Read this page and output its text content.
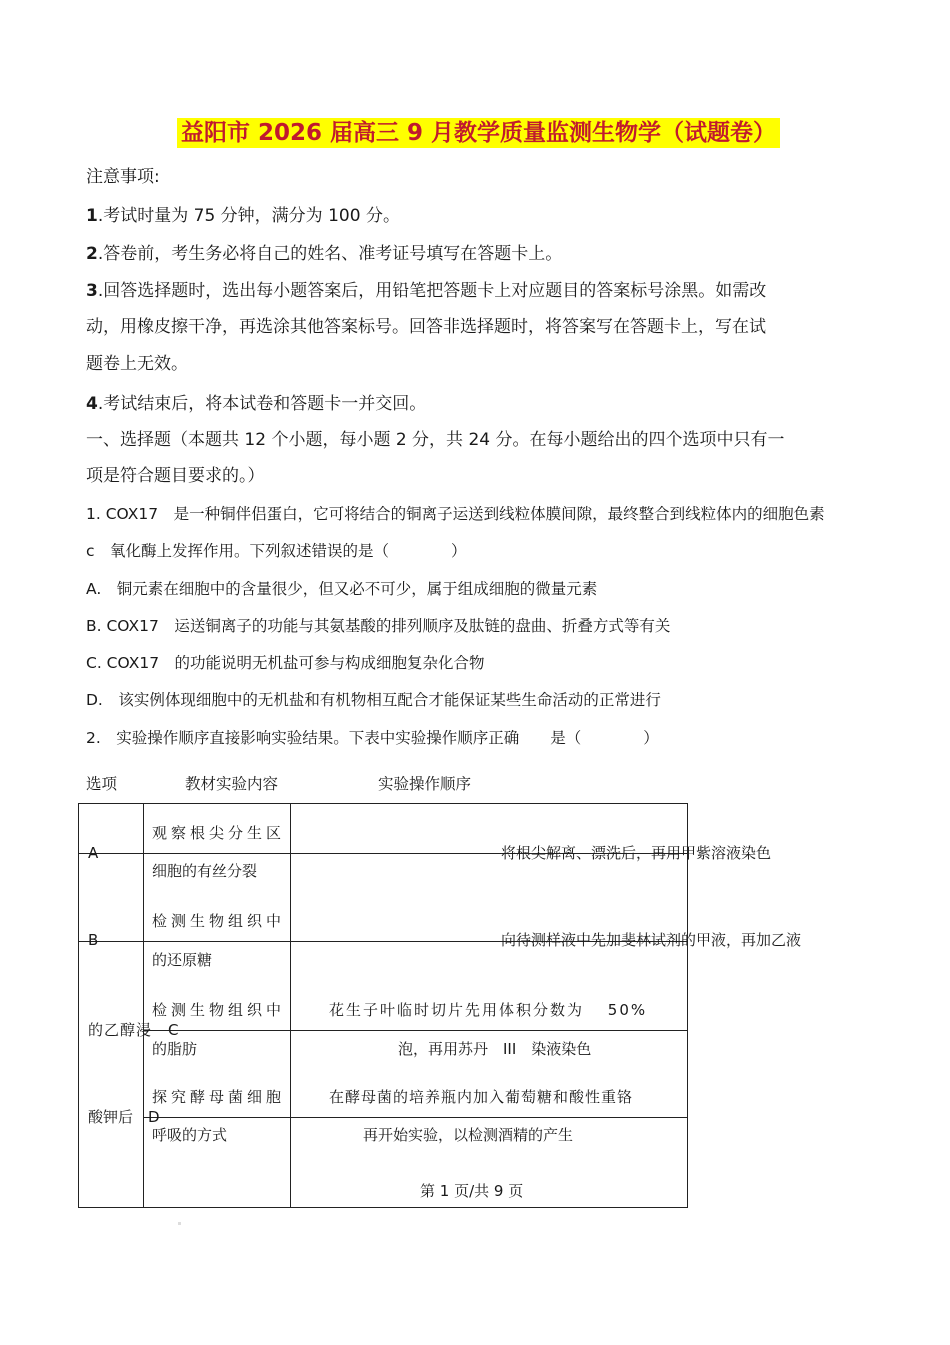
益阳市 2026 届高三 9 月教学质量监测生物学（试题卷）
注意事项:
1.考试时量为 75 分钟，满分为 100 分。
2.答卷前，考生务必将自己的姓名、准考证号填写在答题卡上。
3.回答选择题时，选出每小题答案后，用铅笔把答题卡上对应题目的答案标号涂黑。如需改
动，用橡皮擦干净，再选涂其他答案标号。回答非选择题时，将答案写在答题卡上，写在试
题卷上无效。
4.考试结束后，将本试卷和答题卡一并交回。
一、选择题（本题共 12 个小题，每小题 2 分，共 24 分。在每小题给出的四个选项中只有一
项是符合题目要求的。）
1. COX17　是一种铜伴侣蛋白，它可将结合的铜离子运送到线粒体膜间隙，最终整合到线粒体内的细胞色素
c　氧化酶上发挥作用。下列叙述错误的是（　　　　）
A.　铜元素在细胞中的含量很少，但又必不可少，属于组成细胞的微量元素
B. COX17　运送铜离子的功能与其氨基酸的排列顺序及肽链的盘曲、折叠方式等有关
C. COX17　的功能说明无机盐可参与构成细胞复杂化合物
D.　该实例体现细胞中的无机盐和有机物相互配合才能保证某些生命活动的正常进行
2.　实验操作顺序直接影响实验结果。下表中实验操作顺序正确　　是（　　　　）
选项	教材实验内容	实验操作顺序
A
观察根尖分生区
细胞的有丝分裂
将根尖解离、漂洗后，再用甲紫溶液染色
B
检测生物组织中
的还原糖
向待测样液中先加斐林试剂的甲液，再加乙液
检测生物组织中
的脂肪
花生子叶临时切片先用体积分数为　 50%
泡，再用苏丹　III　染液染色
的乙醇浸　C
探究酵母菌细胞
呼吸的方式
在酵母菌的培养瓶内加入葡萄糖和酸性重铬
再开始实验，以检测酒精的产生
酸钾后　D
第 1 页/共 9 页
